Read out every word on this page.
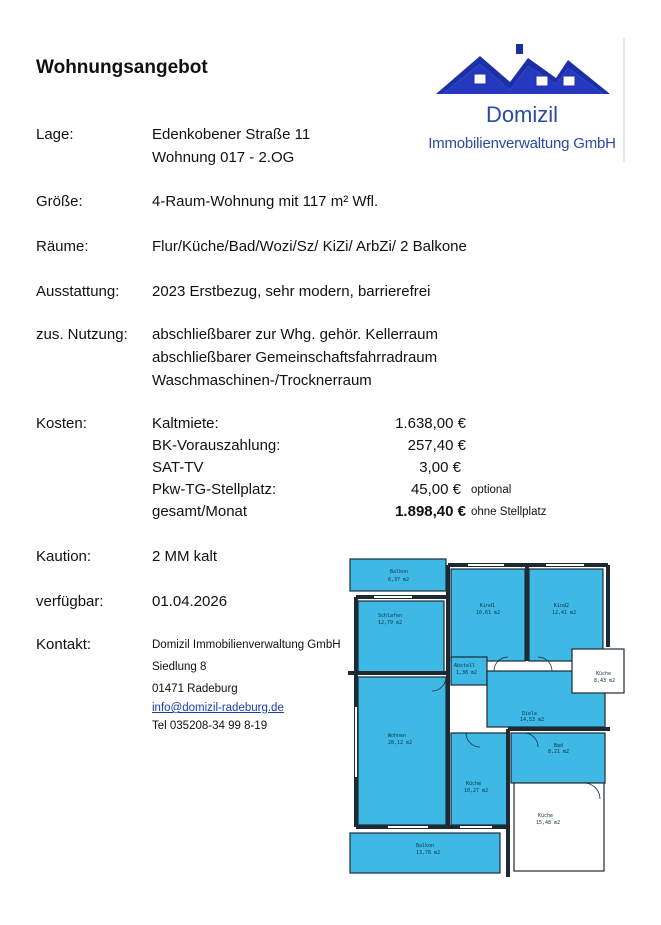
Wohnungsangebot
Domizil
Immobilienverwaltung GmbH
Lage:	Edenkobener Straße 11
Wohnung 017 - 2.OG
Größe:	4-Raum-Wohnung mit 117 m² Wfl.
Räume:	Flur/Küche/Bad/Wozi/Sz/ KiZi/ ArbZi/ 2 Balkone
Ausstattung: 2023 Erstbezug, sehr modern, barrierefrei
zus. Nutzung: abschließbarer zur Whg. gehör. Kellerraum
abschließbarer Gemeinschaftsfahrradraum
Waschmaschinen-/Trocknerraum
Kosten:	Kaltmiete:	1.638,00 €
BK-Vorauszahlung:	257,40 €
SAT-TV	3,00 €
Pkw-TG-Stellplatz:	45,00 € optional
gesamt/Monat	1.898,40 € ohne Stellplatz
Kaution:	2 MM kalt
verfügbar:	01.04.2026
Kontakt:	Domizil Immobilienverwaltung GmbH
Siedlung 8
01471 Radeburg
info@domizil-radeburg.de
Tel 035208-34 99 8-19
Balkon
6,37 m2
Schlafen
12,79 m2
Kind1
10,61 m2
Kind2
12,41 m2
Abstell
1,38 m2
Diele
14,53 m2
Wohnen
28,12 m2
Küche
10,27 m2
Bad
8,21 m2
Balkon
13,78 m2
Küche
15,48 m2
Küche
8,43 m2
